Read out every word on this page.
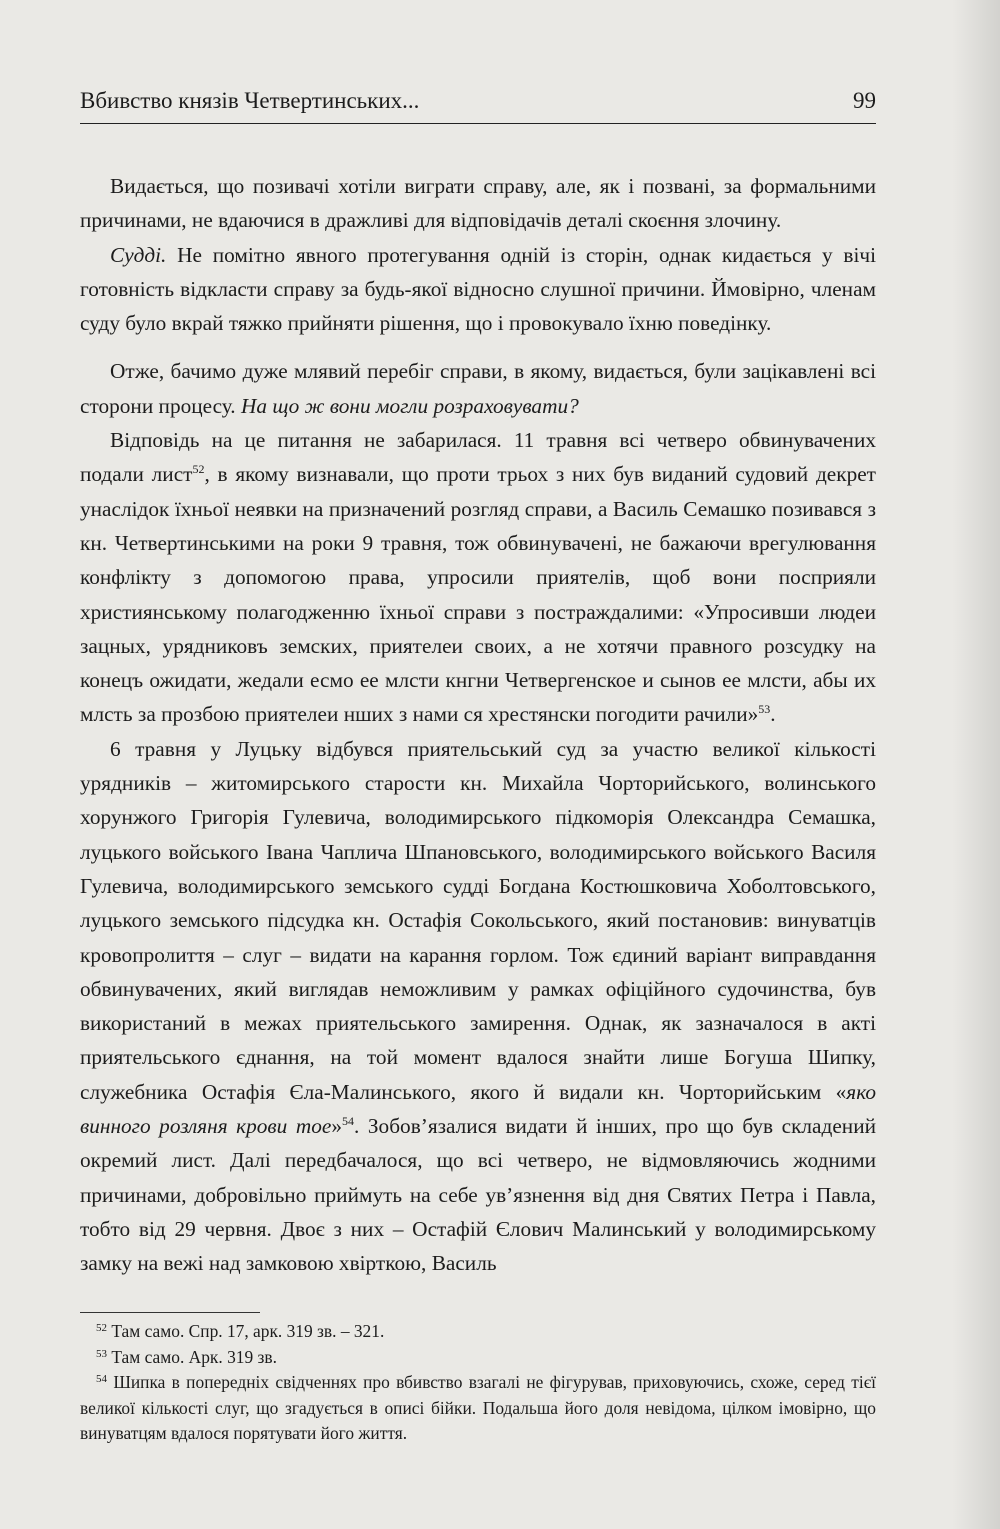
Вбивство князів Четвертинських...	99

Видається, що позивачі хотіли виграти справу, але, як і позвані, за формальними причинами, не вдаючися в дражливі для відповідачів деталі скоєння злочину.

Судді. Не помітно явного протегування одній із сторін, однак кидається у вічі готовність відкласти справу за будь-якої відносно слушної причини. Ймовірно, членам суду було вкрай тяжко прийняти рішення, що і провокувало їхню поведінку.

Отже, бачимо дуже млявий перебіг справи, в якому, видається, були зацікавлені всі сторони процесу. На що ж вони могли розраховувати?

Відповідь на це питання не забарилася. 11 травня всі четверо обвинувачених подали лист$^{52}$, в якому визнавали, що проти трьох з них був виданий судовий декрет унаслідок їхньої неявки на призначений розгляд справи, а Василь Семашко позивався з кн. Четвертинськими на роки 9 травня, тож обвинувачені, не бажаючи врегулювання конфлікту з допомогою права, упросили приятелів, щоб вони посприяли християнському полагодженню їхньої справи з постраждалими: «Упросивши людеи зацных, урядниковъ земских, приятелеи своих, а не хотячи правного розсудку на конецъ ожидати, жедали есмо ее млсти кнгни Четвергенское и сынов ее млсти, абы их млсть за прозбою приятелеи нших з нами ся хрестянски погодити рачили»$^{53}$.

6 травня у Луцьку відбувся приятельський суд за участю великої кількості урядників – житомирського старости кн. Михайла Чорторийського, волинського хорунжого Григорія Гулевича, володимирського підкоморія Олександра Семашка, луцького войського Івана Чаплича Шпановського, володимирського войського Василя Гулевича, володимирського земського судді Богдана Костюшковича Хоболтовського, луцького земського підсудка кн. Остафія Сокольського, який постановив: винуватців кровопролиття – слуг – видати на карання горлом. Тож єдиний варіант виправдання обвинувачених, який виглядав неможливим у рамках офіційного судочинства, був використаний в межах приятельського замирення. Однак, як зазначалося в акті приятельського єднання, на той момент вдалося знайти лише Богуша Шипку, служебника Остафія Єла-Малинського, якого й видали кн. Чорторийським «яко винного розляня крови тое»$^{54}$. Зобов’язалися видати й інших, про що був складений окремий лист. Далі передбачалося, що всі четверо, не відмовляючись жодними причинами, добровільно приймуть на себе ув’язнення від дня Святих Петра і Павла, тобто від 29 червня. Двоє з них – Остафій Єлович Малинський у володимирському замку на вежі над замковою хвірткою, Василь

$^{52}$ Там само. Спр. 17, арк. 319 зв. – 321.

$^{53}$ Там само. Арк. 319 зв.

$^{54}$ Шипка в попередніх свідченнях про вбивство взагалі не фігурував, приховуючись, схоже, серед тієї великої кількості слуг, що згадується в описі бійки. Подальша його доля невідома, цілком імовірно, що винуватцям вдалося порятувати його життя.
